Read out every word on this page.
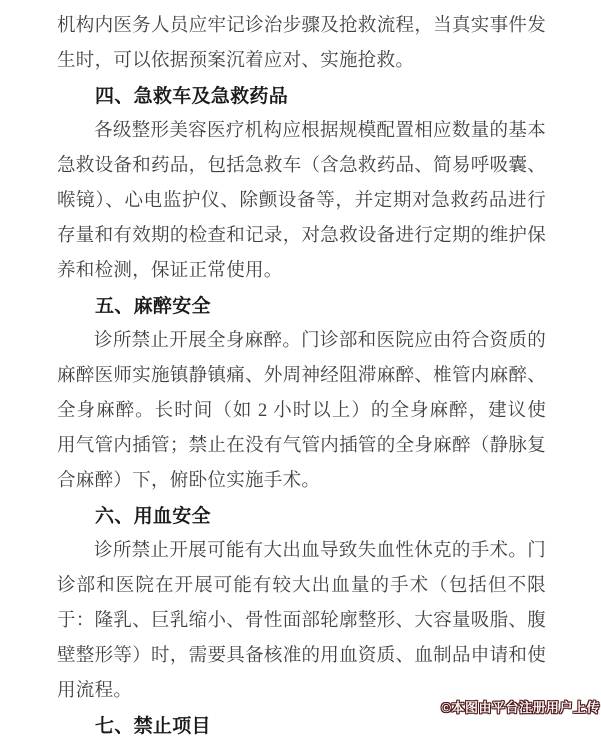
机构内医务人员应牢记诊治步骤及抢救流程，当真实事件发生时，可以依据预案沉着应对、实施抢救。

四、急救车及急救药品

各级整形美容医疗机构应根据规模配置相应数量的基本急救设备和药品，包括急救车（含急救药品、简易呼吸囊、喉镜）、心电监护仪、除颤设备等，并定期对急救药品进行存量和有效期的检查和记录，对急救设备进行定期的维护保养和检测，保证正常使用。

五、麻醉安全

诊所禁止开展全身麻醉。门诊部和医院应由符合资质的麻醉医师实施镇静镇痛、外周神经阻滞麻醉、椎管内麻醉、全身麻醉。长时间（如 2 小时以上）的全身麻醉，建议使用气管内插管；禁止在没有气管内插管的全身麻醉（静脉复合麻醉）下，俯卧位实施手术。

六、用血安全

诊所禁止开展可能有大出血导致失血性休克的手术。门诊部和医院在开展可能有较大出血量的手术（包括但不限于：隆乳、巨乳缩小、骨性面部轮廓整形、大容量吸脂、腹壁整形等）时，需要具备核准的用血资质、血制品申请和使用流程。

七、禁止项目
©本图由平台注册用户上传
